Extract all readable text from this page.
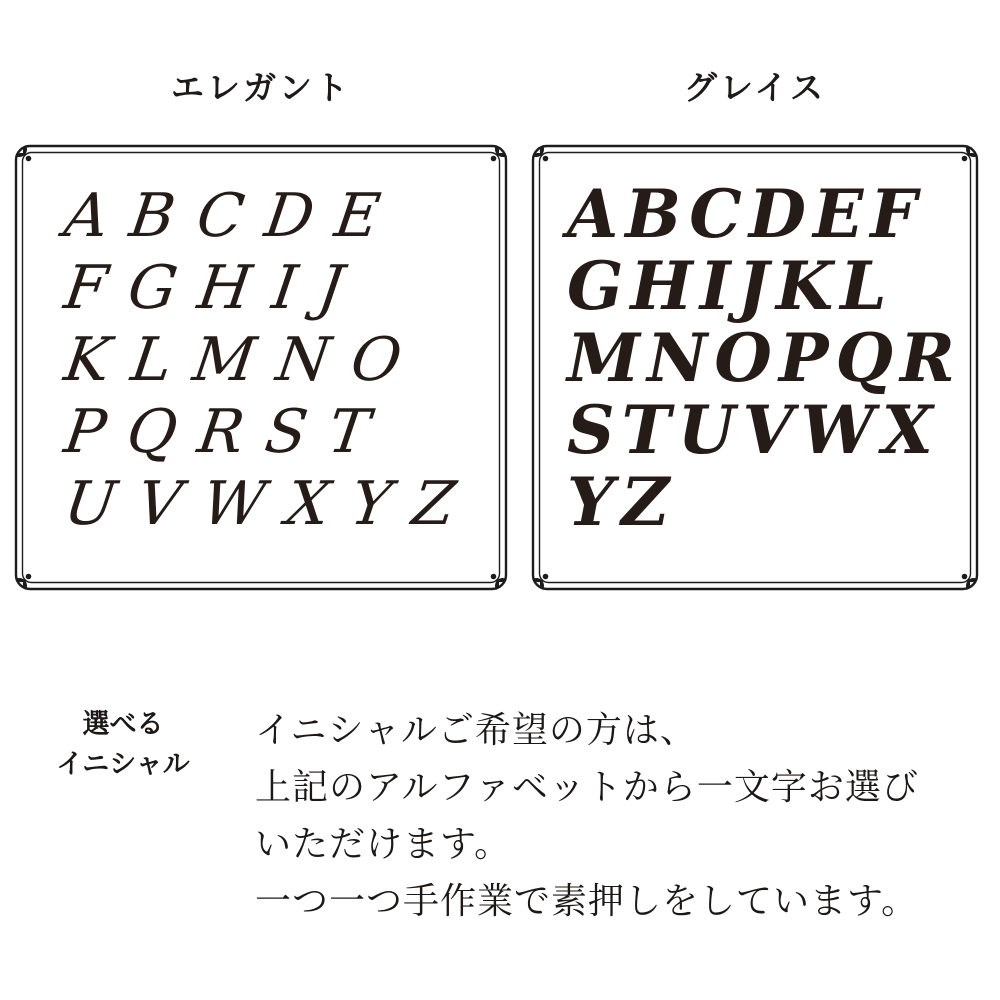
エレガント	グレイス
ABCDE
FGHIJ
KLMNO
PQRST
UVWXYZ
ABCDEF
GHIJKL
MNOPQR
STUVWX
YZ
選べる
イニシャル
イニシャルご希望の方は、
上記のアルファベットから一文字お選び
いただけます。
一つ一つ手作業で素押しをしています。
